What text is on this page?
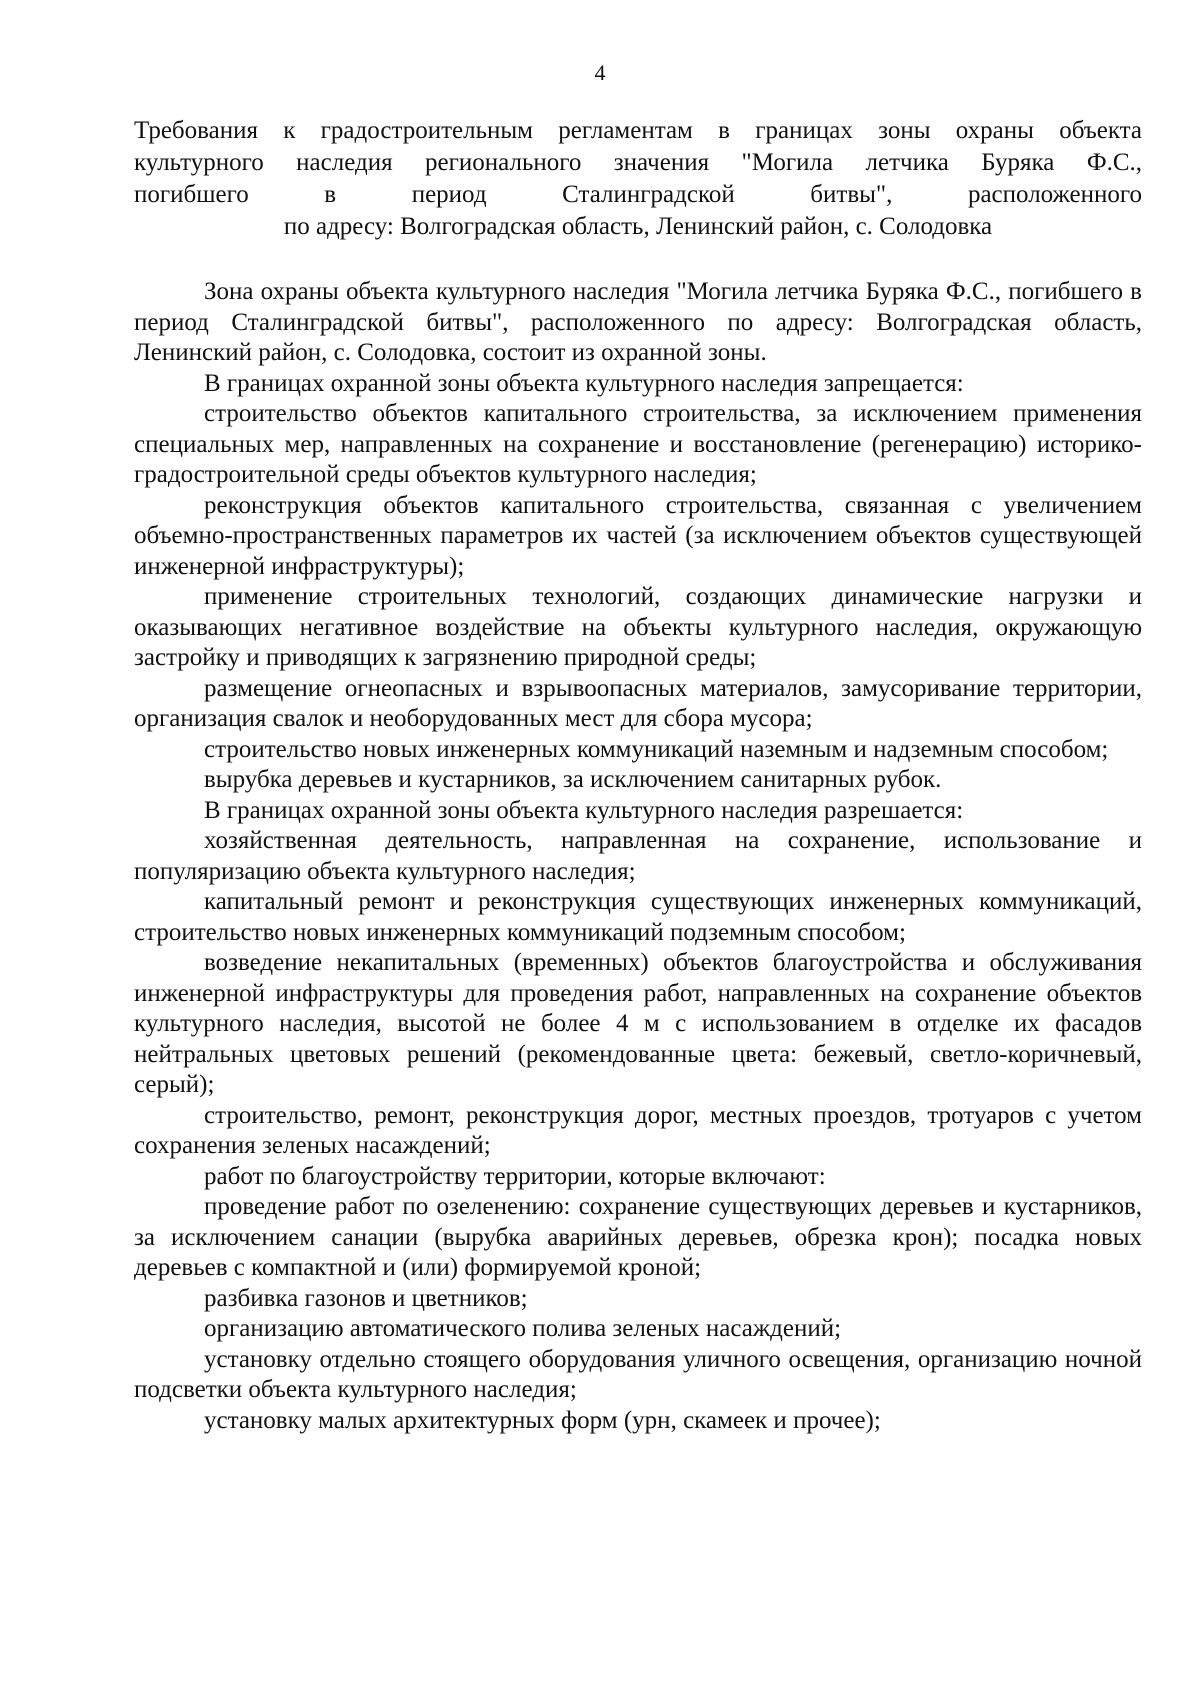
4
Требования к градостроительным регламентам в границах зоны охраны объекта
культурного наследия регионального значения "Могила летчика Буряка Ф.С.,
погибшего в период Сталинградской битвы", расположенного
по адресу: Волгоградская область, Ленинский район, с. Солодовка

Зона охраны объекта культурного наследия "Могила летчика Буряка Ф.С., погибшего в период Сталинградской битвы", расположенного по адресу: Волгоградская область, Ленинский район, с. Солодовка, состоит из охранной зоны.

В границах охранной зоны объекта культурного наследия запрещается:

строительство объектов капитального строительства, за исключением применения специальных мер, направленных на сохранение и восстановление (регенерацию) историко-градостроительной среды объектов культурного наследия;

реконструкция объектов капитального строительства, связанная с увеличением объемно-пространственных параметров их частей (за исключением объектов существующей инженерной инфраструктуры);

применение строительных технологий, создающих динамические нагрузки и оказывающих негативное воздействие на объекты культурного наследия, окружающую застройку и приводящих к загрязнению природной среды;

размещение огнеопасных и взрывоопасных материалов, замусоривание территории, организация свалок и необорудованных мест для сбора мусора;

строительство новых инженерных коммуникаций наземным и надземным способом;

вырубка деревьев и кустарников, за исключением санитарных рубок.

В границах охранной зоны объекта культурного наследия разрешается:

хозяйственная деятельность, направленная на сохранение, использование и популяризацию объекта культурного наследия;

капитальный ремонт и реконструкция существующих инженерных коммуникаций, строительство новых инженерных коммуникаций подземным способом;

возведение некапитальных (временных) объектов благоустройства и обслуживания инженерной инфраструктуры для проведения работ, направленных на сохранение объектов культурного наследия, высотой не более 4 м с использованием в отделке их фасадов нейтральных цветовых решений (рекомендованные цвета: бежевый, светло-коричневый, серый);

строительство, ремонт, реконструкция дорог, местных проездов, тротуаров с учетом сохранения зеленых насаждений;

работ по благоустройству территории, которые включают:

проведение работ по озеленению: сохранение существующих деревьев и кустарников, за исключением санации (вырубка аварийных деревьев, обрезка крон); посадка новых деревьев с компактной и (или) формируемой кроной;

разбивка газонов и цветников;

организацию автоматического полива зеленых насаждений;

установку отдельно стоящего оборудования уличного освещения, организацию ночной подсветки объекта культурного наследия;

установку малых архитектурных форм (урн, скамеек и прочее);
